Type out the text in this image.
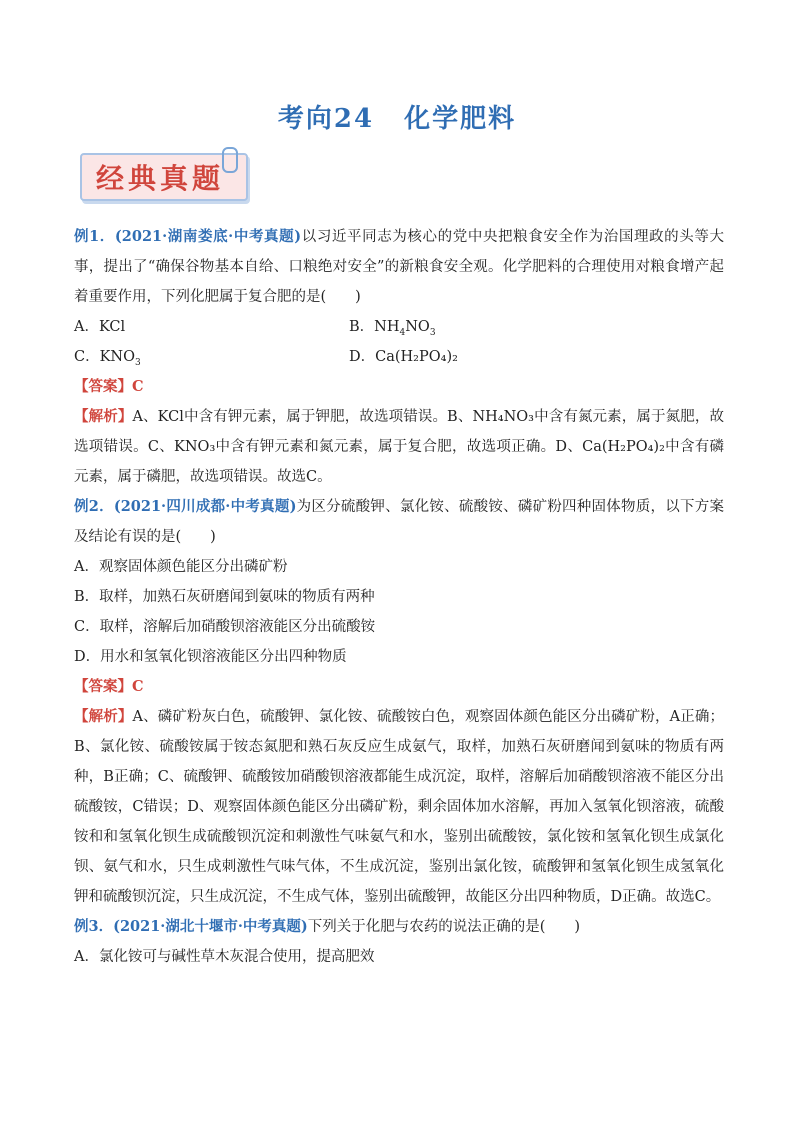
考向24 化学肥料
经典真题

例1．(2021·湖南娄底·中考真题)以习近平同志为核心的党中央把粮食安全作为治国理政的头等大事，提出了“确保谷物基本自给、口粮绝对安全”的新粮食安全观。化学肥料的合理使用对粮食增产起着重要作用，下列化肥属于复合肥的是(　　)

A．KCl	B．$NH_4NO_3$
C．$KNO_3$	D．Ca(H₂PO₄)₂

【答案】C

【解析】A、KCl中含有钾元素，属于钾肥，故选项错误。B、NH₄NO₃中含有氮元素，属于氮肥，故选项错误。C、KNO₃中含有钾元素和氮元素，属于复合肥，故选项正确。D、Ca(H₂PO₄)₂中含有磷元素，属于磷肥，故选项错误。故选C。

例2．(2021·四川成都·中考真题)为区分硫酸钾、氯化铵、硫酸铵、磷矿粉四种固体物质，以下方案及结论有误的是(　　)

A．观察固体颜色能区分出磷矿粉

B．取样，加熟石灰研磨闻到氨味的物质有两种

C．取样，溶解后加硝酸钡溶液能区分出硫酸铵

D．用水和氢氧化钡溶液能区分出四种物质

【答案】C

【解析】A、磷矿粉灰白色，硫酸钾、氯化铵、硫酸铵白色，观察固体颜色能区分出磷矿粉，A正确；B、氯化铵、硫酸铵属于铵态氮肥和熟石灰反应生成氨气，取样，加熟石灰研磨闻到氨味的物质有两种，B正确；C、硫酸钾、硫酸铵加硝酸钡溶液都能生成沉淀，取样，溶解后加硝酸钡溶液不能区分出硫酸铵，C错误；D、观察固体颜色能区分出磷矿粉，剩余固体加水溶解，再加入氢氧化钡溶液，硫酸铵和和氢氧化钡生成硫酸钡沉淀和刺激性气味氨气和水，鉴别出硫酸铵，氯化铵和氢氧化钡生成氯化钡、氨气和水，只生成刺激性气味气体，不生成沉淀，鉴别出氯化铵，硫酸钾和氢氧化钡生成氢氧化钾和硫酸钡沉淀，只生成沉淀，不生成气体，鉴别出硫酸钾，故能区分出四种物质，D正确。故选C。

例3．(2021·湖北十堰市·中考真题)下列关于化肥与农药的说法正确的是(　　)

A．氯化铵可与碱性草木灰混合使用，提高肥效
